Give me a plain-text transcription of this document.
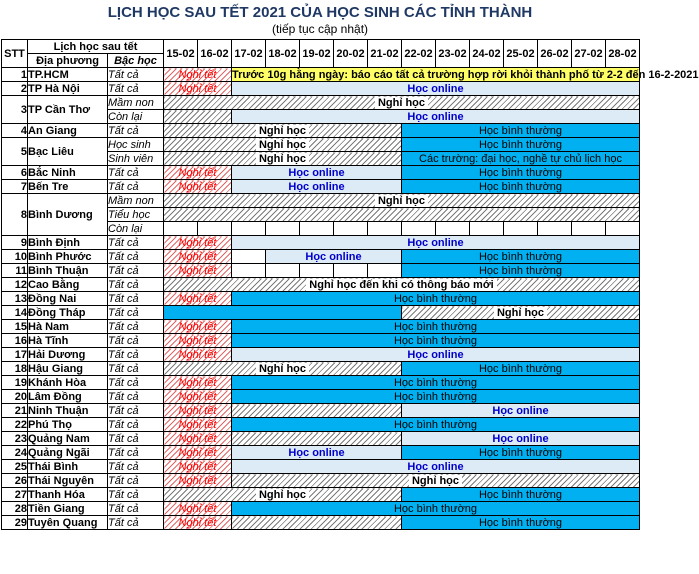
LỊCH HỌC SAU TẾT 2021 CỦA HỌC SINH CÁC TỈNH THÀNH
(tiếp tục cập nhật)
STT	Lịch học sau tết		15-02	16-02	17-02	18-02	19-02	20-02	21-02	22-02	23-02	24-02	25-02	26-02	27-02	28-02
	Địa phương	Bậc học														
1	TP.HCM	Tất cả	Nghỉ tết		Trước 10g hằng ngày: báo cáo tất cả trường hợp rời khỏi thành phố từ 2-2 đến 16-2-2021											
2	TP Hà Nội	Tất cả	Nghỉ tết		Học online											
3	TP Cần Thơ	Mầm non	Nghỉ học													
		Còn lại			Học online											
4	An Giang	Tất cả	Nghỉ học							Học bình thường						
5	Bạc Liêu	Học sinh	Nghỉ học							Học bình thường						
		Sinh viên	Nghỉ học							Các trường: đại học, nghề tự chủ lịch học						
6	Bắc Ninh	Tất cả	Nghỉ tết		Học online					Học bình thường						
7	Bến Tre	Tất cả	Nghỉ tết		Học online					Học bình thường						
8	Bình Dương	Mầm non	Nghỉ học													
		Tiểu học														
		Còn lại														
9	Bình Định	Tất cả	Nghỉ tết		Học online											
10	Bình Phước	Tất cả	Nghỉ tết			Học online				Học bình thường						
11	Bình Thuận	Tất cả	Nghỉ tết							Học bình thường						
12	Cao Bằng	Tất cả	Nghỉ học đến khi có thông báo mới													
13	Đồng Nai	Tất cả	Nghỉ tết		Học bình thường											
14	Đồng Tháp	Tất cả								Nghỉ học						
15	Hà Nam	Tất cả	Nghỉ tết		Học bình thường											
16	Hà Tĩnh	Tất cả	Nghỉ tết		Học bình thường											
17	Hải Dương	Tất cả	Nghỉ tết		Học online											
18	Hậu Giang	Tất cả	Nghỉ học							Học bình thường						
19	Khánh Hòa	Tất cả	Nghỉ tết		Học bình thường											
20	Lâm Đồng	Tất cả	Nghỉ tết		Học bình thường											
21	Ninh Thuận	Tất cả	Nghỉ tết							Học online						
22	Phú Thọ	Tất cả	Nghỉ tết		Học bình thường											
23	Quảng Nam	Tất cả	Nghỉ tết							Học online						
24	Quảng Ngãi	Tất cả	Nghỉ tết		Học online					Học bình thường						
25	Thái Bình	Tất cả	Nghỉ tết		Học online											
26	Thái Nguyên	Tất cả	Nghỉ tết		Nghỉ học											
27	Thanh Hóa	Tất cả	Nghỉ học							Học bình thường						
28	Tiền Giang	Tất cả	Nghỉ tết		Học bình thường											
29	Tuyên Quang	Tất cả	Nghỉ tết							Học bình thường						
